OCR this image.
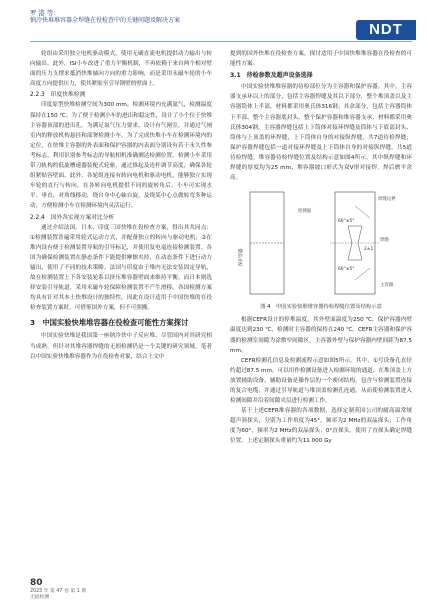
罗 港 等：
钠冷快堆堆容器全焊缝在役检查中的关键问题及解决方案
NDT

轮组由采用独立电机驱动模式，使用无刷直流电机提供动力输出与转向输出。此外，ISI小车改进了重力平衡机制，不再依赖于来自两个相对壁面的压力支撑来抵消快堆轴向方向的重力影响，而是采用永磁车轮的小车高度方向提供压力，使其紧贴至引导钢壁的壁面上。

2.2.3　印度快堆检测

印度原型快堆检测空间为300 mm，检测环境内充满氮气，检测温度保持在150 ℃。为了便于检测小车的进出和稳定性，设计了小个位于快堆主容器顶部的进出孔。为满足氮气压力要求，设计有气闸室，并通过气闸室内的释放机构悬挂和部署检测小车。为了完成快堆小车在检测环境内的定位，在快堆主容器的外表面和保护容器的内表面分别设有若干永久性参考标志，利用识别参考标志的导航相机准确测达检测位置。检测小车采用带刀轨构的低旋槽速器装配式轮驱，通过推起及连杆调节高度，确保各轮组紧贴容壁面。此外，各轮组连接有转向电机和驱动电机，能够独立实现车轮的直行与转向。在各转向电机提供不同的旋转角后，小车可实现水平、垂直、对角线移动，绕自身中心轴自旋，及绕某中心点做转弯多种运动，方便检测小车在检测环境内灵活运行。

2.2.4　国外各实现方案对比分析

通过介绍法国、日本、印度三国快堆在役检查方案，得出其共同点：①检测装置普遍采用轮式运动方式，并配备独立的转向与驱动电机；②在堆内设有便于检测装置导航的引导标记，并使用复电毫连接检测装置。各国为确保检测装置在静态条件下能提供摩擦夹持，在动态条件下进行动力输出，使用了不同的技术策略。法国与印度由于堆内无法安装固定导轨，故在检测装置上下各安装轮系以挤压堆容器壁面来维持平衡，而日本则选择安装引导轨道，采用永磁车轮保障检测装置不产生滑移。各国检测方案均具有针对其本土快堆设计的独特性，因此在设计适用于中国快堆的在役检查装置方案时，可借鉴国外方案，但不可照搬。

3　中国实验快堆堆容器在役检查可能性方案探讨

中国实验快堆是我国第一座钠冷快中子反应堆，尽管国内对其研究相当成熟，但针对其堆容器焊缝的无损检测仍是一个关键的研究领域。笔者以中国实验快堆堆容器作为在役检查对象，结合上文中

提到的国外快堆在役检查方案，探讨适用于中国快堆堆容器在役检查的可能性方案。

3.1　待检参数及超声设备选择

中国实验快堆堆容器的待检部位分为主容器和保护容器。其中，主容器支承环以上的部分，包括主容器焊缝及其以下部分，整个堆顶盖以及主容器筒体上半部，材料都采用奥氏体316钢；其余部分，包括主容器筒体下半部、整个主容器底封头、整个保护容器和堆容器支承，材料都采用奥氏体304钢。主容器焊缝包括上下筒体对接环焊缝及筒体与下底部封头、筒体与上顶盖的环焊缝，上下筒体自身的对接纵焊缝，共7道待检焊缝；保护容器焊缝包括一道对接环焊缝及上下筒体自身的对接纵焊缝，共5道待检焊缝。堆容器待检焊缝位置及结构示意如图4所示。其中纵焊缝和环焊缝的厚度均为25 mm，堆容器坡口形式为双V形对接焊，焊后磨平余高。

焊缝边界
检测面
保护容器
焊缝
60°±5°
60°±5°
2±1
主容器
图 4　中国实验快堆堆容器待检焊缝位置及结构示意

根据CEFR设计的停堆温度，其外壁面温度为250 ℃，保护容器内壁温度达到230 ℃，检测时主容器的保持在240 ℃。CEFR主容器和保护容器的检测室间隙为涂敷窄间隙区，主容器外壁与保护容器内壁间距为87.5 mm。

CEFR检测孔信息及检测流程示意如图5所示。其中，①号设备孔直径约超过87.5 mm，可以用作检测设备进入检测环境的通道。在堆顶盖上方放置辅助设备，辅助设备是操作层的一个密闭结构，包含与检测装置连接的复合电缆，并通过引导轨道与堆顶盖检测孔连通，从而使检测装置进入检测间隙并沿着间隙夹层进行检测工作。

基于上述CEFR堆容器的各项数据，选择定制英国公司的耐高温常规超声斜探头，分别为工作角度为45°，频率为2 MHz的双晶探头；工作角度为60°，频率为2 MHz的双晶探头；0°直探头，使用了直探头确定焊缝位置。上述定制探头重量约为11 000 Gy

80
2023 年 第 47 卷 第 1 期
无损检测
